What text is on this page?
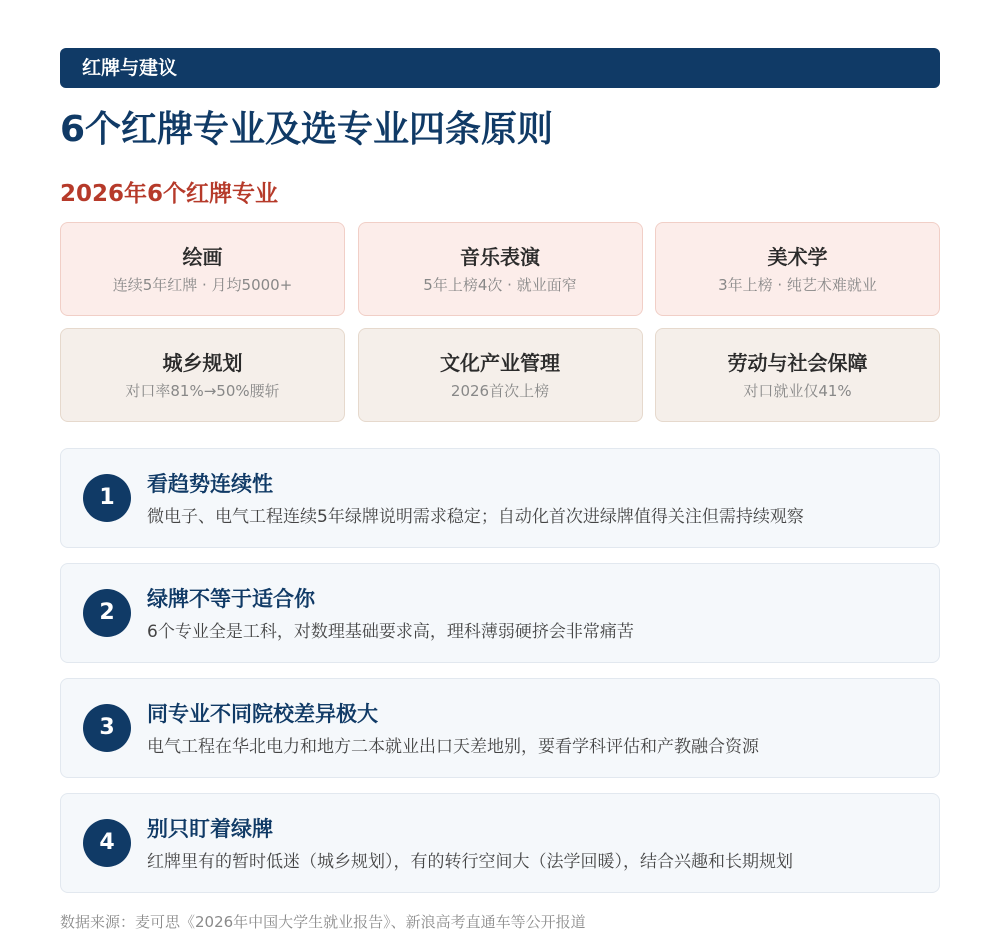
红牌与建议
6个红牌专业及选专业四条原则
2026年6个红牌专业
绘画
连续5年红牌 · 月均5000+
音乐表演
5年上榜4次 · 就业面窄
美术学
3年上榜 · 纯艺术难就业
城乡规划
对口率81%→50%腰斩
文化产业管理
2026首次上榜
劳动与社会保障
对口就业仅41%
1
看趋势连续性
微电子、电气工程连续5年绿牌说明需求稳定；自动化首次进绿牌值得关注但需持续观察
2
绿牌不等于适合你
6个专业全是工科，对数理基础要求高，理科薄弱硬挤会非常痛苦
3
同专业不同院校差异极大
电气工程在华北电力和地方二本就业出口天差地别，要看学科评估和产教融合资源
4
别只盯着绿牌
红牌里有的暂时低迷（城乡规划），有的转行空间大（法学回暖），结合兴趣和长期规划
数据来源：麦可思《2026年中国大学生就业报告》、新浪高考直通车等公开报道
